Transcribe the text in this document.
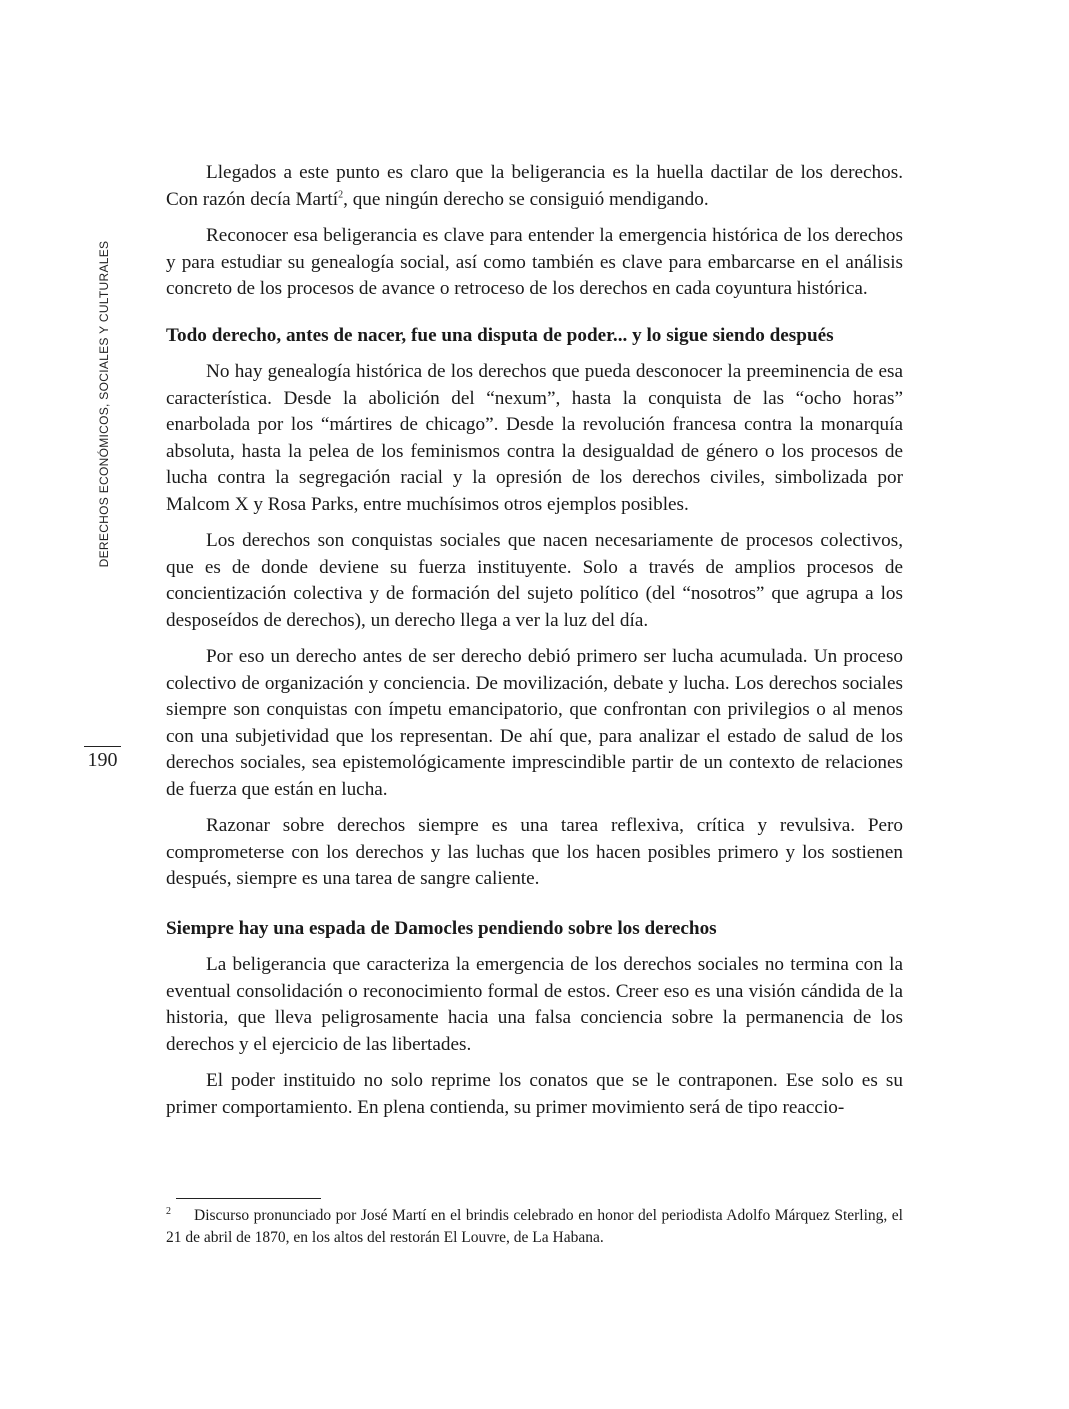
DERECHOS ECONÓMICOS, SOCIALES Y CULTURALES
190

Llegados a este punto es claro que la beligerancia es la huella dactilar de los derechos. Con razón decía Martí$^2$, que ningún derecho se consiguió mendigando.

Reconocer esa beligerancia es clave para entender la emergencia histórica de los derechos y para estudiar su genealogía social, así como también es clave para embarcarse en el análisis concreto de los procesos de avance o retroceso de los derechos en cada coyuntura histórica.

Todo derecho, antes de nacer, fue una disputa de poder... y lo sigue siendo después

No hay genealogía histórica de los derechos que pueda desconocer la preeminencia de esa característica. Desde la abolición del “nexum”, hasta la conquista de las “ocho horas” enarbolada por los “mártires de chicago”. Desde la revolución francesa contra la monarquía absoluta, hasta la pelea de los feminismos contra la desigualdad de género o los procesos de lucha contra la segregación racial y la opresión de los derechos civiles, simbolizada por Malcom X y Rosa Parks, entre muchísimos otros ejemplos posibles.

Los derechos son conquistas sociales que nacen necesariamente de procesos colectivos, que es de donde deviene su fuerza instituyente. Solo a través de amplios procesos de concientización colectiva y de formación del sujeto político (del “nosotros” que agrupa a los desposeídos de derechos), un derecho llega a ver la luz del día.

Por eso un derecho antes de ser derecho debió primero ser lucha acumulada. Un proceso colectivo de organización y conciencia. De movilización, debate y lucha. Los derechos sociales siempre son conquistas con ímpetu emancipatorio, que confrontan con privilegios o al menos con una subjetividad que los representan. De ahí que, para analizar el estado de salud de los derechos sociales, sea epistemológicamente imprescindible partir de un contexto de relaciones de fuerza que están en lucha.

Razonar sobre derechos siempre es una tarea reflexiva, crítica y revulsiva. Pero comprometerse con los derechos y las luchas que los hacen posibles primero y los sostienen después, siempre es una tarea de sangre caliente.

Siempre hay una espada de Damocles pendiendo sobre los derechos

La beligerancia que caracteriza la emergencia de los derechos sociales no termina con la eventual consolidación o reconocimiento formal de estos. Creer eso es una visión cándida de la historia, que lleva peligrosamente hacia una falsa conciencia sobre la permanencia de los derechos y el ejercicio de las libertades.

El poder instituido no solo reprime los conatos que se le contraponen. Ese solo es su primer comportamiento. En plena contienda, su primer movimiento será de tipo reaccio-

2 Discurso pronunciado por José Martí en el brindis celebrado en honor del periodista Adolfo Márquez Sterling, el 21 de abril de 1870, en los altos del restorán El Louvre, de La Habana.
